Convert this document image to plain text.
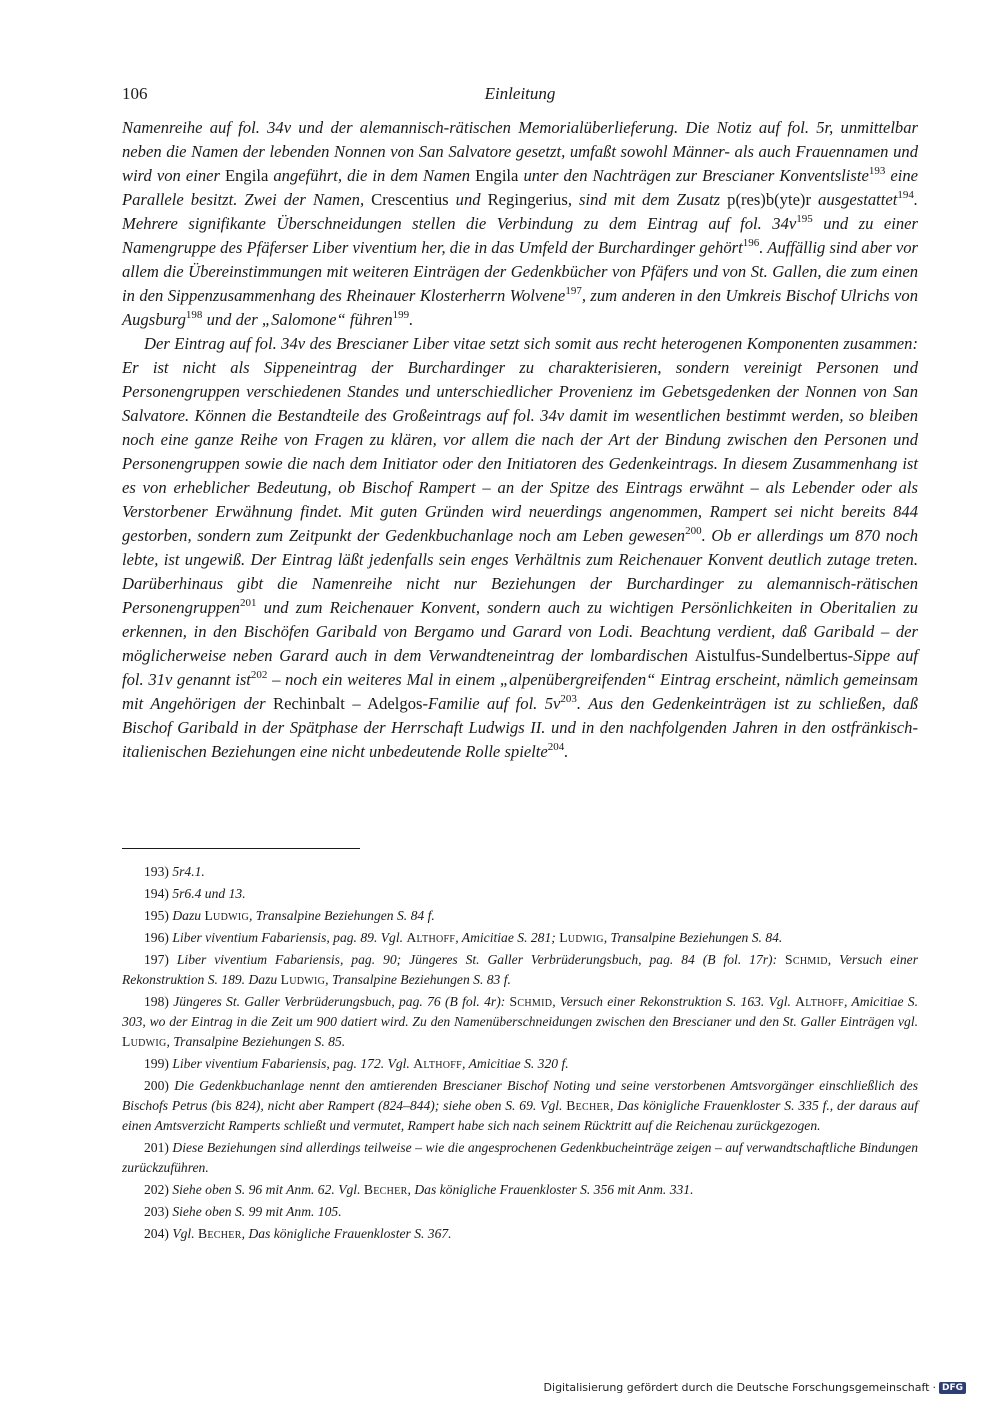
106	Einleitung

Namenreihe auf fol. 34v und der alemannisch-rätischen Memorialüberlieferung. Die Notiz auf fol. 5r, unmittelbar neben die Namen der lebenden Nonnen von San Salvatore gesetzt, umfaßt sowohl Männer- als auch Frauennamen und wird von einer Engila angeführt, die in dem Namen Engila unter den Nachträgen zur Brescianer Konventsliste$^{193}$ eine Parallele besitzt. Zwei der Namen, Crescentius und Regingerius, sind mit dem Zusatz p(res)b(yte)r ausgestattet$^{194}$. Mehrere signifikante Überschneidungen stellen die Verbindung zu dem Eintrag auf fol. $34v^{195}$ und zu einer Namengruppe des Pfäferser Liber viventium her, die in das Umfeld der Burchardinger gehört$^{196}$. Auffällig sind aber vor allem die Übereinstimmungen mit weiteren Einträgen der Gedenkbücher von Pfäfers und von St. Gallen, die zum einen in den Sippenzusammenhang des Rheinauer Klosterherrn Wolvene$^{197}$, zum anderen in den Umkreis Bischof Ulrichs von Augsburg$^{198}$ und der „Salomone“ führen$^{199}$.

Der Eintrag auf fol. 34v des Brescianer Liber vitae setzt sich somit aus recht heterogenen Komponenten zusammen: Er ist nicht als Sippeneintrag der Burchardinger zu charakterisieren, sondern vereinigt Personen und Personengruppen verschiedenen Standes und unterschiedlicher Provenienz im Gebetsgedenken der Nonnen von San Salvatore. Können die Bestandteile des Großeintrags auf fol. 34v damit im wesentlichen bestimmt werden, so bleiben noch eine ganze Reihe von Fragen zu klären, vor allem die nach der Art der Bindung zwischen den Personen und Personengruppen sowie die nach dem Initiator oder den Initiatoren des Gedenkeintrags. In diesem Zusammenhang ist es von erheblicher Bedeutung, ob Bischof Rampert – an der Spitze des Eintrags erwähnt – als Lebender oder als Verstorbener Erwähnung findet. Mit guten Gründen wird neuerdings angenommen, Rampert sei nicht bereits 844 gestorben, sondern zum Zeitpunkt der Gedenkbuchanlage noch am Leben gewesen$^{200}$. Ob er allerdings um 870 noch lebte, ist ungewiß. Der Eintrag läßt jedenfalls sein enges Verhältnis zum Reichenauer Konvent deutlich zutage treten. Darüberhinaus gibt die Namenreihe nicht nur Beziehungen der Burchardinger zu alemannisch-rätischen Personengruppen$^{201}$ und zum Reichenauer Konvent, sondern auch zu wichtigen Persönlichkeiten in Oberitalien zu erkennen, in den Bischöfen Garibald von Bergamo und Garard von Lodi. Beachtung verdient, daß Garibald – der möglicherweise neben Garard auch in dem Verwandteneintrag der lombardischen Aistulfus-Sundelbertus-Sippe auf fol. 31v genannt ist$^{202}$ – noch ein weiteres Mal in einem „alpenübergreifenden“ Eintrag erscheint, nämlich gemeinsam mit Angehörigen der Rechinbalt – Adelgos-Familie auf fol. $5v^{203}$. Aus den Gedenkeinträgen ist zu schließen, daß Bischof Garibald in der Spätphase der Herrschaft Ludwigs II. und in den nachfolgenden Jahren in den ostfränkisch-italienischen Beziehungen eine nicht unbedeutende Rolle spielte$^{204}$.

193) 5r4.1.

194) 5r6.4 und 13.

195) Dazu Ludwig, Transalpine Beziehungen S. 84 f.

196) Liber viventium Fabariensis, pag. 89. Vgl. Althoff, Amicitiae S. 281; Ludwig, Transalpine Beziehungen S. 84.

197) Liber viventium Fabariensis, pag. 90; Jüngeres St. Galler Verbrüderungsbuch, pag. 84 (B fol. 17r): Schmid, Versuch einer Rekonstruktion S. 189. Dazu Ludwig, Transalpine Beziehungen S. 83 f.

198) Jüngeres St. Galler Verbrüderungsbuch, pag. 76 (B fol. 4r): Schmid, Versuch einer Rekonstruktion S. 163. Vgl. Althoff, Amicitiae S. 303, wo der Eintrag in die Zeit um 900 datiert wird. Zu den Namenüberschneidungen zwischen den Brescianer und den St. Galler Einträgen vgl. Ludwig, Transalpine Beziehungen S. 85.

199) Liber viventium Fabariensis, pag. 172. Vgl. Althoff, Amicitiae S. 320 f.

200) Die Gedenkbuchanlage nennt den amtierenden Brescianer Bischof Noting und seine verstorbenen Amtsvorgänger einschließlich des Bischofs Petrus (bis 824), nicht aber Rampert (824–844); siehe oben S. 69. Vgl. Becher, Das königliche Frauenkloster S. 335 f., der daraus auf einen Amtsverzicht Ramperts schließt und vermutet, Rampert habe sich nach seinem Rücktritt auf die Reichenau zurückgezogen.

201) Diese Beziehungen sind allerdings teilweise – wie die angesprochenen Gedenkbucheinträge zeigen – auf verwandtschaftliche Bindungen zurückzuführen.

202) Siehe oben S. 96 mit Anm. 62. Vgl. Becher, Das königliche Frauenkloster S. 356 mit Anm. 331.

203) Siehe oben S. 99 mit Anm. 105.

204) Vgl. Becher, Das königliche Frauenkloster S. 367.

Digitalisierung gefördert durch die Deutsche Forschungsgemeinschaft · DFG
